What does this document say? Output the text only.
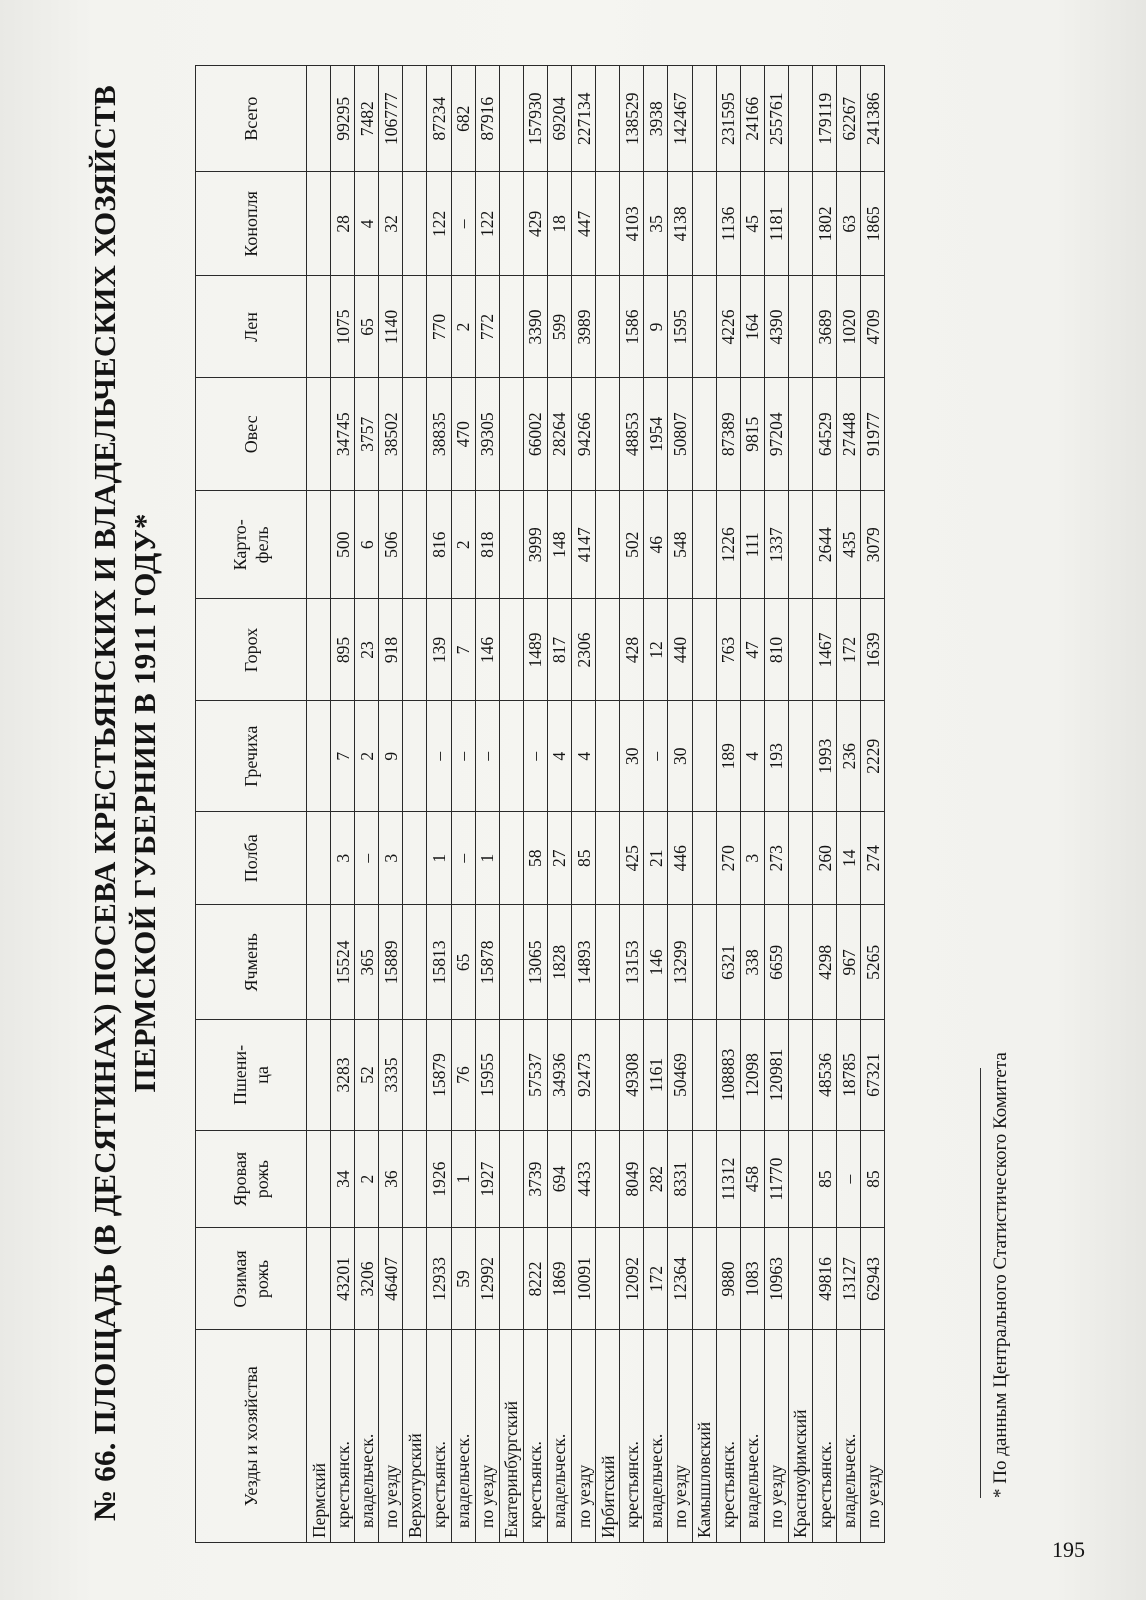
№ 66. ПЛОЩАДЬ (В ДЕСЯТИНАХ) ПОСЕВА КРЕСТЬЯНСКИХ И ВЛАДЕЛЬЧЕСКИХ ХОЗЯЙСТВ ПЕРМСКОЙ ГУБЕРНИИ В 1911 ГОДУ*
Уезды и хозяйства	Озимая рожь	Яровая рожь	Пшени- ца	Ячмень	Полба	Гречиха	Горох	Карто- фель	Овес	Лен	Конопля	Всего
Пермский												
крестьянск.	43201	34	3283	15524	3	7	895	500	34745	1075	28	99295
владельческ.	3206	2	52	365	–	2	23	6	3757	65	4	7482
по уезду	46407	36	3335	15889	3	9	918	506	38502	1140	32	106777
Верхотурский												
крестьянск.	12933	1926	15879	15813	1	–	139	816	38835	770	122	87234
владельческ.	59	1	76	65	–	–	7	2	470	2	–	682
по уезду	12992	1927	15955	15878	1	–	146	818	39305	772	122	87916
Екатеринбургский												
крестьянск.	8222	3739	57537	13065	58	–	1489	3999	66002	3390	429	157930
владельческ.	1869	694	34936	1828	27	4	817	148	28264	599	18	69204
по уезду	10091	4433	92473	14893	85	4	2306	4147	94266	3989	447	227134
Ирбитский												
крестьянск.	12092	8049	49308	13153	425	30	428	502	48853	1586	4103	138529
владельческ.	172	282	1161	146	21	–	12	46	1954	9	35	3938
по уезду	12364	8331	50469	13299	446	30	440	548	50807	1595	4138	142467
Камышловский												
крестьянск.	9880	11312	108883	6321	270	189	763	1226	87389	4226	1136	231595
владельческ.	1083	458	12098	338	3	4	47	111	9815	164	45	24166
по уезду	10963	11770	120981	6659	273	193	810	1337	97204	4390	1181	255761
Красноуфимский												
крестьянск.	49816	85	48536	4298	260	1993	1467	2644	64529	3689	1802	179119
владельческ.	13127	–	18785	967	14	236	172	435	27448	1020	63	62267
по уезду	62943	85	67321	5265	274	2229	1639	3079	91977	4709	1865	241386
* По данным Центрального Статистического Комитета
195
